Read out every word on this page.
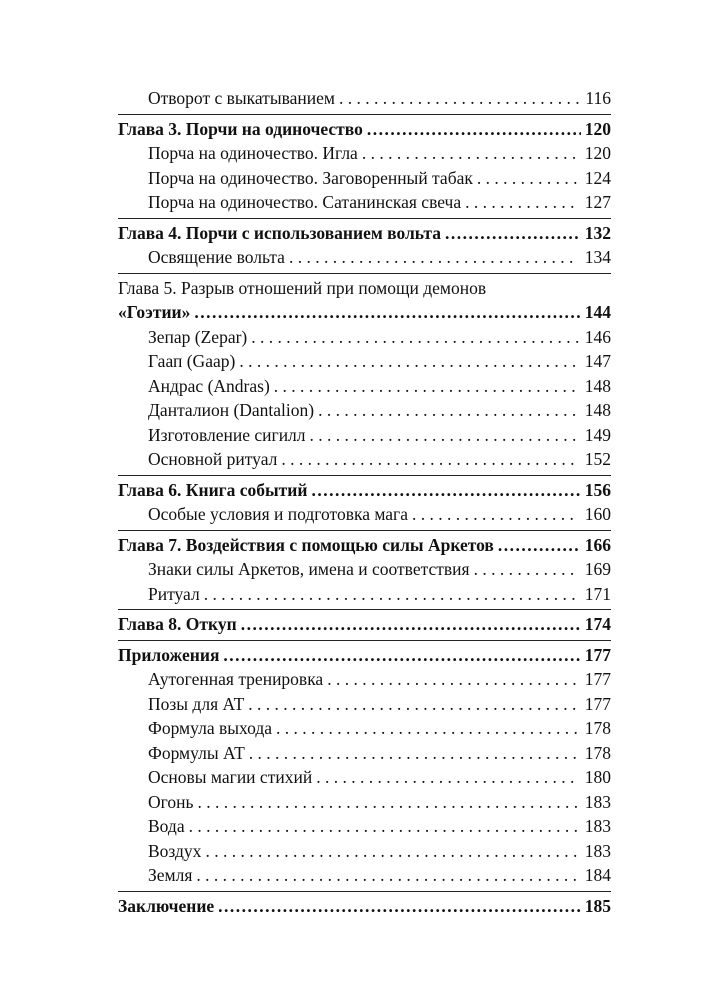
Отворот с выкатыванием . . .	116
Глава 3. Порчи на одиночество .....	120
Порча на одиночество. Игла . . .	120
Порча на одиночество. Заговоренный табак . . .	124
Порча на одиночество. Сатанинская свеча . . .	127
Глава 4. Порчи с использованием вольта .....	132
Освящение вольта . . .	134
Глава 5. Разрыв отношений при помощи демонов
«Гоэтии» .....	144
Зепар (Zepar) . . .	146
Гаап (Gaap) . . .	147
Андрас (Andras) . . .	148
Данталион (Dantalion) . . .	148
Изготовление сигилл . . .	149
Основной ритуал . . .	152
Глава 6. Книга событий .....	156
Особые условия и подготовка мага . . .	160
Глава 7. Воздействия с помощью силы Аркетов .....	166
Знаки силы Аркетов, имена и соответствия . . .	169
Ритуал . . .	171
Глава 8. Откуп .....	174
Приложения .....	177
Аутогенная тренировка . . .	177
Позы для АТ . . .	177
Формула выхода . . .	178
Формулы АТ . . .	178
Основы магии стихий . . .	180
Огонь . . .	183
Вода . . .	183
Воздух . . .	183
Земля . . .	184
Заключение .....	185
